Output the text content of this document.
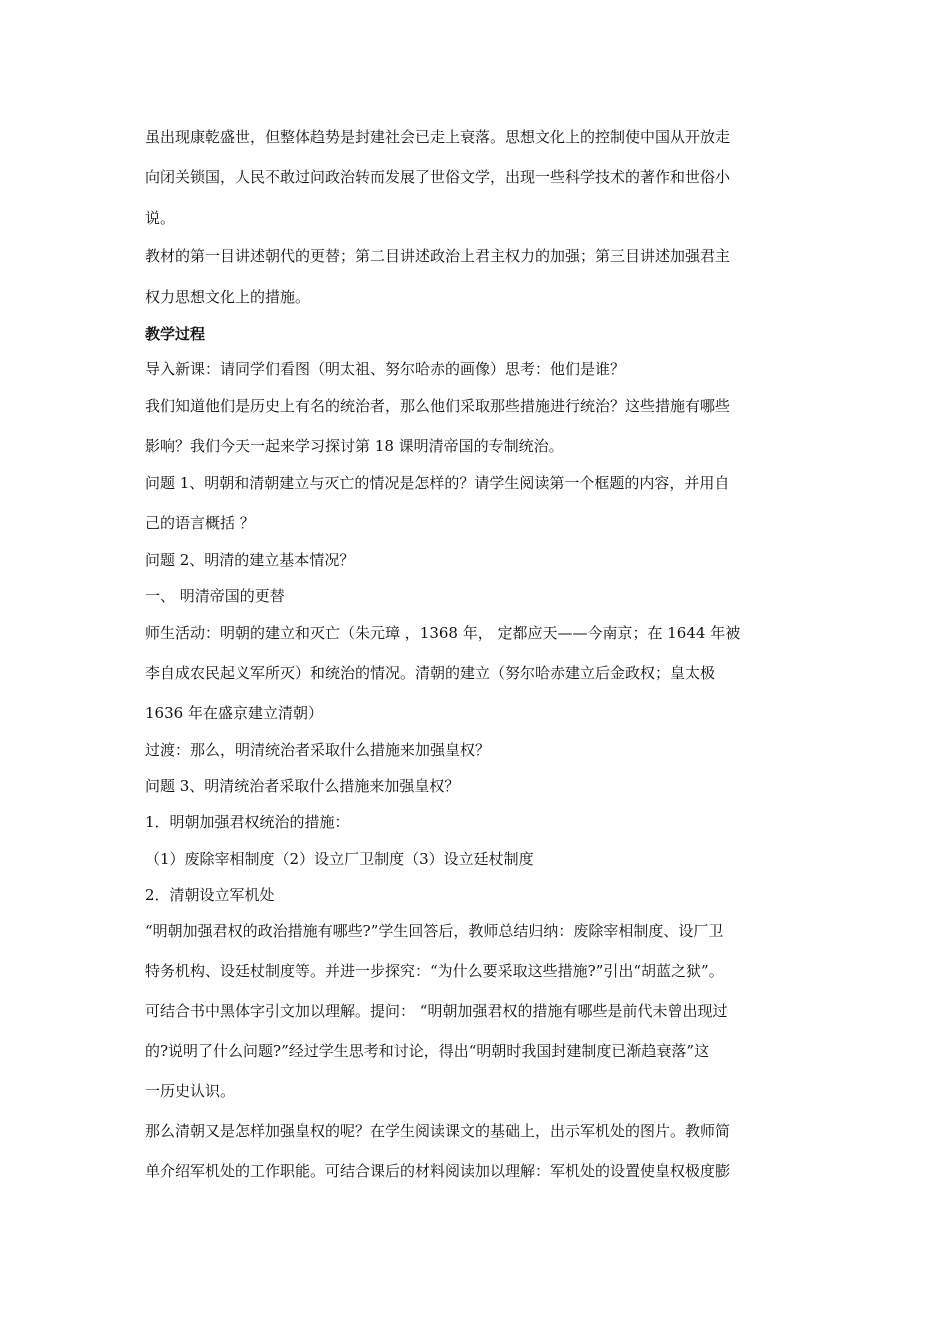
虽出现康乾盛世，但整体趋势是封建社会已走上衰落。思想文化上的控制使中国从开放走
向闭关锁国，人民不敢过问政治转而发展了世俗文学，出现一些科学技术的著作和世俗小
说。
教材的第一目讲述朝代的更替；第二目讲述政治上君主权力的加强；第三目讲述加强君主
权力思想文化上的措施。
教学过程
导入新课：请同学们看图（明太祖、努尔哈赤的画像）思考：他们是谁？
我们知道他们是历史上有名的统治者，那么他们采取那些措施进行统治？这些措施有哪些
影响？我们今天一起来学习探讨第 18 课明清帝国的专制统治。
问题 1、明朝和清朝建立与灭亡的情况是怎样的？请学生阅读第一个框题的内容，并用自
己的语言概括 ？
问题 2、明清的建立基本情况？
一、 明清帝国的更替
师生活动：明朝的建立和灭亡（朱元璋 ，1368 年， 定都应天——今南京；在 1644 年被
李自成农民起义军所灭）和统治的情况。清朝的建立（努尔哈赤建立后金政权；皇太极
1636 年在盛京建立清朝）
过渡：那么，明清统治者采取什么措施来加强皇权？
问题 3、明清统治者采取什么措施来加强皇权？
1．明朝加强君权统治的措施：
（1）废除宰相制度（2）设立厂卫制度（3）设立廷杖制度
2．清朝设立军机处
“明朝加强君权的政治措施有哪些?”学生回答后，教师总结归纳：废除宰相制度、设厂卫
特务机构、设廷杖制度等。并进一步探究：“为什么要采取这些措施?”引出“胡蓝之狱”。
可结合书中黑体字引文加以理解。提问： “明朝加强君权的措施有哪些是前代未曾出现过
的?说明了什么问题?”经过学生思考和讨论，得出“明朝时我国封建制度已渐趋衰落”这
一历史认识。
那么清朝又是怎样加强皇权的呢？在学生阅读课文的基础上，出示军机处的图片。教师简
单介绍军机处的工作职能。可结合课后的材料阅读加以理解：军机处的设置使皇权极度膨
